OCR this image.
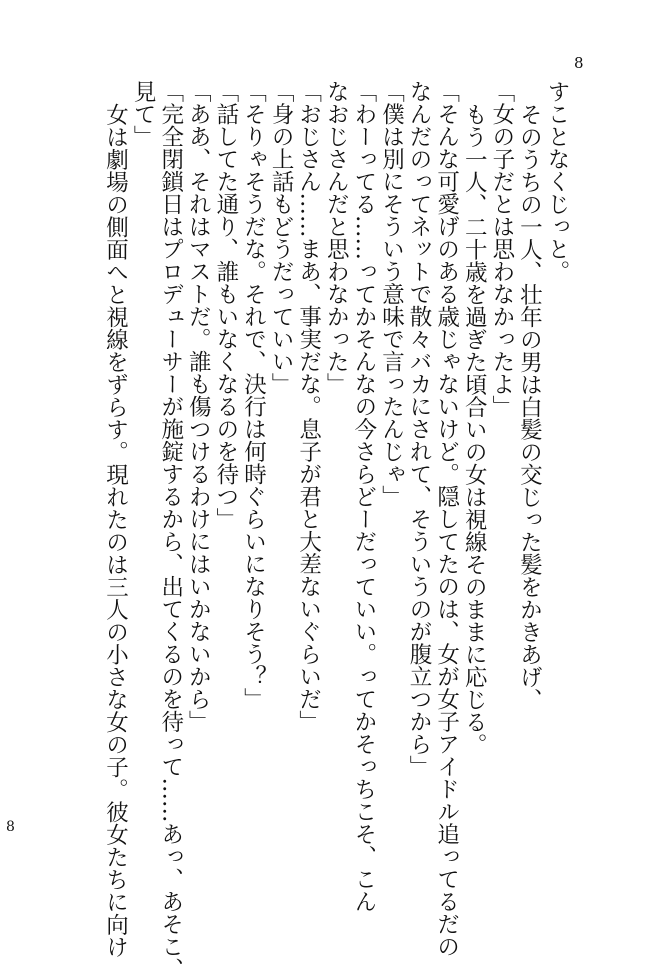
8
すことなくじっと。
そのうちの一人、壮年の男は白髪の交じった髪をかきあげ、
「女の子だとは思わなかったよ」
もう一人、二十歳を過ぎた頃合いの女は視線そのままに応じる。
「そんな可愛げのある歳じゃないけど。隠してたのは、女が女子アイドル追ってるだの
なんだのってネットで散々バカにされて、そういうのが腹立つから」
「僕は別にそういう意味で言ったんじゃ」
「わーってる……ってかそんなの今さらどーだっていい。ってかそっちこそ、こん
なおじさんだと思わなかった」
「おじさん……まあ、事実だな。息子が君と大差ないぐらいだ」
「身の上話もどうだっていい」
「そりゃそうだな。それで、決行は何時ぐらいになりそう？」
「話してた通り、誰もいなくなるのを待つ」
「ああ、それはマストだ。誰も傷つけるわけにはいかないから」
「完全閉鎖日はプロデューサーが施錠するから、出てくるのを待って……あっ、あそこ、
見て」
女は劇場の側面へと視線をずらす。現れたのは三人の小さな女の子。彼女たちに向け
8
